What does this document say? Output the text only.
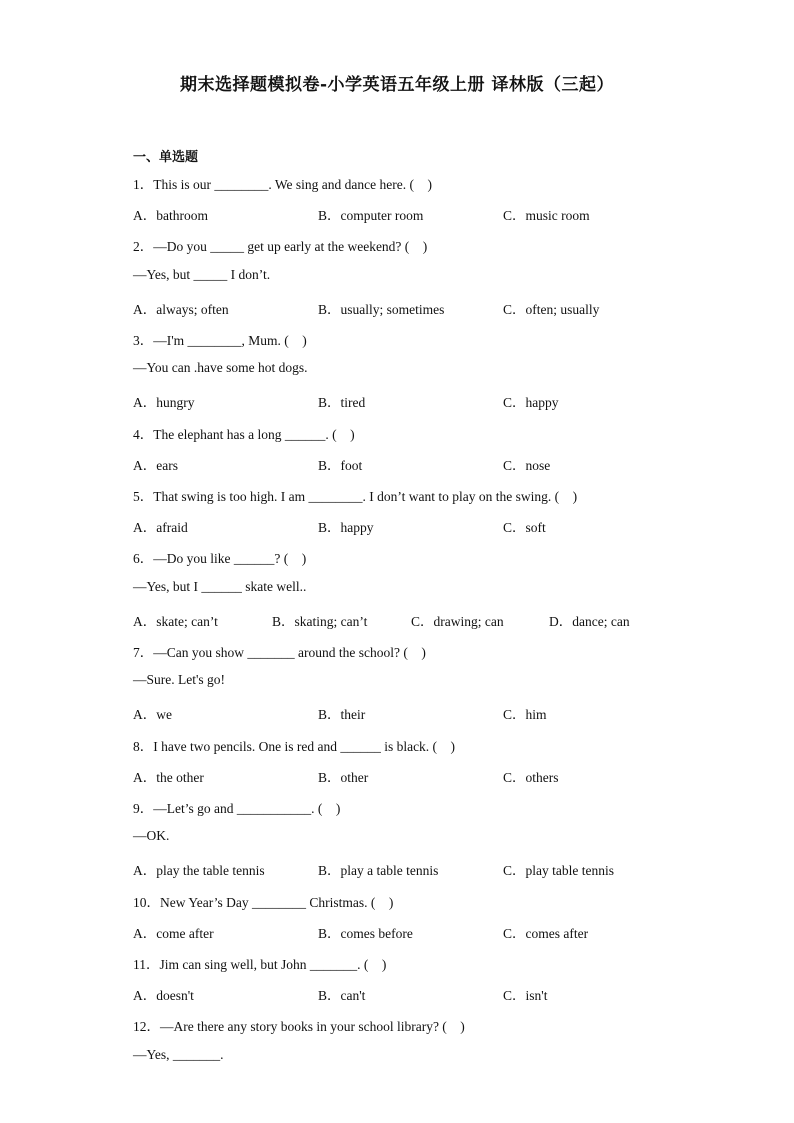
期末选择题模拟卷-小学英语五年级上册 译林版（三起）
一、单选题
1．This is our ________. We sing and dance here. (　)
A．bathroom	B．computer room	C．music room
2．—Do you _____ get up early at the weekend? (　)
—Yes, but _____ I don’t.
A．always; often	B．usually; sometimes	C．often; usually
3．—I'm ________, Mum. (　)
—You can .have some hot dogs.
A．hungry	B．tired	C．happy
4．The elephant has a long ______. (　)
A．ears	B．foot	C．nose
5．That swing is too high. I am ________. I don’t want to play on the swing. (　)
A．afraid	B．happy	C．soft
6．—Do you like ______? (　)
—Yes, but I ______ skate well..
A．skate; can’t	B．skating; can’t	C．drawing; can	D．dance; can
7．—Can you show _______ around the school? (　)
—Sure. Let's go!
A．we	B．their	C．him
8．I have two pencils. One is red and ______ is black. (　)
A．the other	B．other	C．others
9．—Let’s go and ___________. (　)
—OK.
A．play the table tennis	B．play a table tennis	C．play table tennis
10．New Year’s Day ________ Christmas. (　)
A．come after	B．comes before	C．comes after
11．Jim can sing well, but John _______. (　)
A．doesn't	B．can't	C．isn't
12．—Are there any story books in your school library? (　)
—Yes, _______.
